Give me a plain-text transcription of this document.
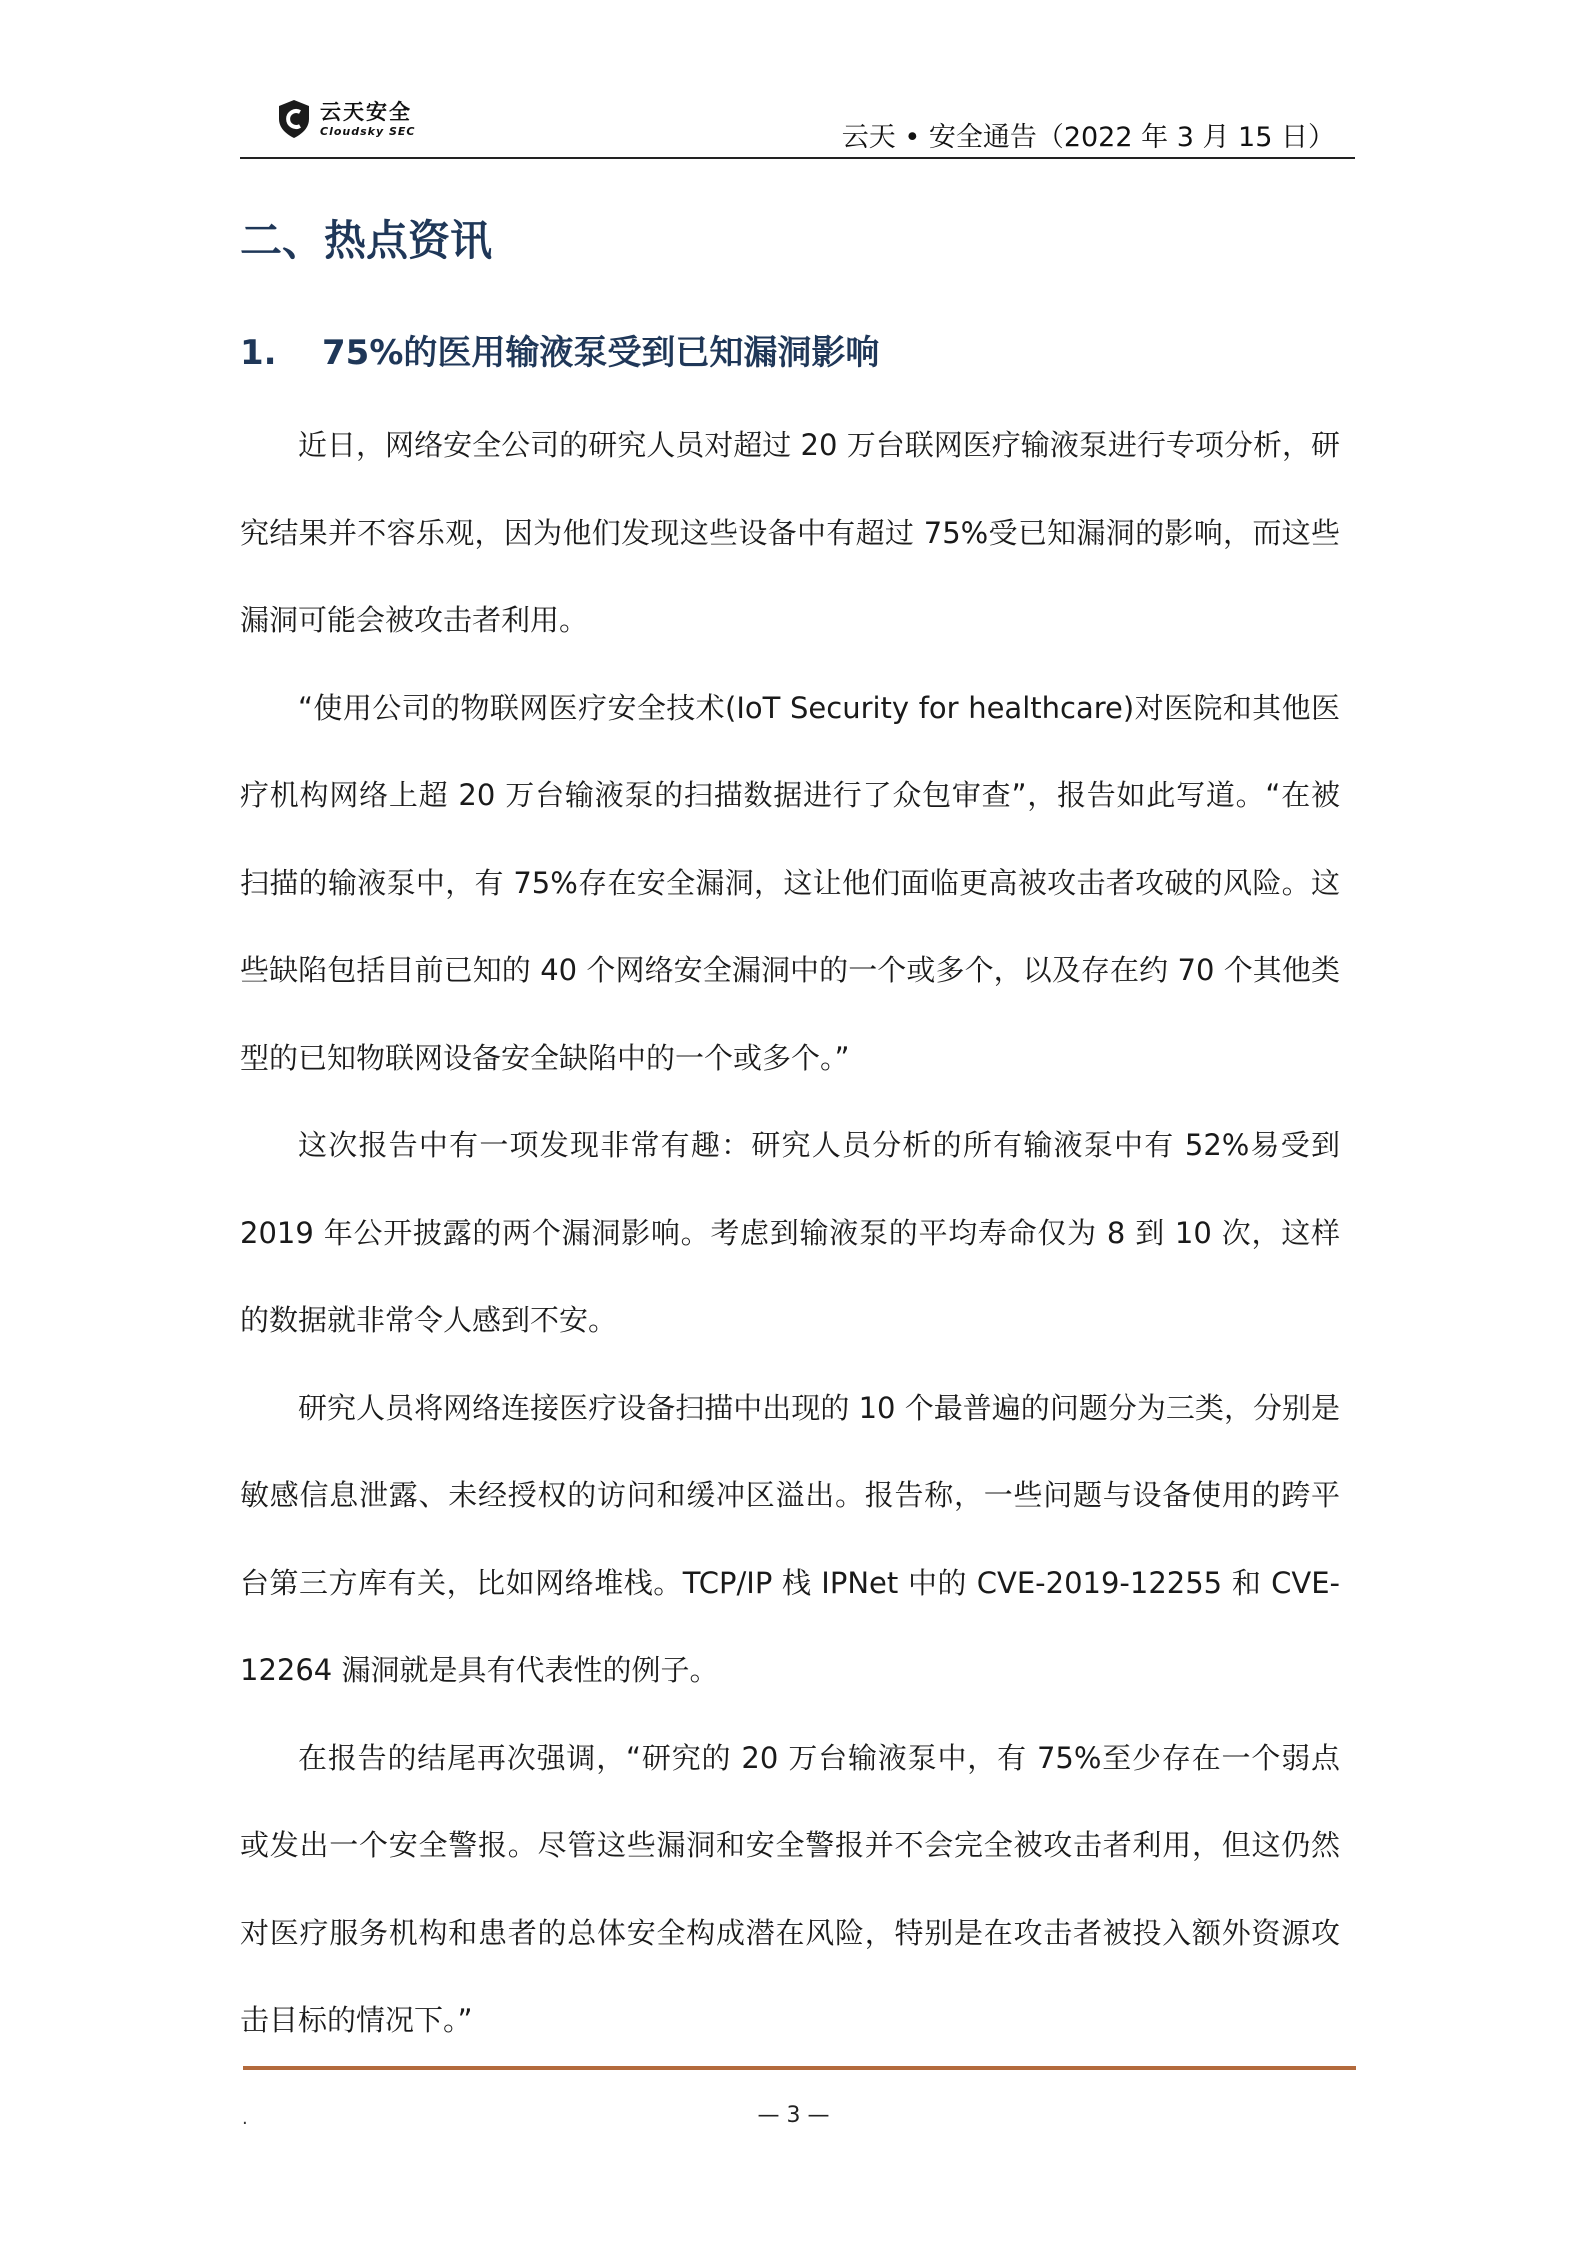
云天安全
Cloudsky SEC	云天 • 安全通告（2022 年 3 月 15 日）
二、热点资讯
1. 75%的医用输液泵受到已知漏洞影响

近日，网络安全公司的研究人员对超过 20 万台联网医疗输液泵进行专项分析，研究结果并不容乐观，因为他们发现这些设备中有超过 75%受已知漏洞的影响，而这些漏洞可能会被攻击者利用。

“使用公司的物联网医疗安全技术(IoT Security for healthcare)对医院和其他医疗机构网络上超 20 万台输液泵的扫描数据进行了众包审查”，报告如此写道。“在被扫描的输液泵中，有 75%存在安全漏洞，这让他们面临更高被攻击者攻破的风险。这些缺陷包括目前已知的 40 个网络安全漏洞中的一个或多个，以及存在约 70 个其他类型的已知物联网设备安全缺陷中的一个或多个。”

这次报告中有一项发现非常有趣：研究人员分析的所有输液泵中有 52%易受到 2019 年公开披露的两个漏洞影响。考虑到输液泵的平均寿命仅为 8 到 10 次，这样的数据就非常令人感到不安。

研究人员将网络连接医疗设备扫描中出现的 10 个最普遍的问题分为三类，分别是敏感信息泄露、未经授权的访问和缓冲区溢出。报告称，一些问题与设备使用的跨平台第三方库有关，比如网络堆栈。TCP/IP 栈 IPNet 中的 CVE-2019-12255 和 CVE- 12264 漏洞就是具有代表性的例子。

在报告的结尾再次强调，“研究的 20 万台输液泵中，有 75%至少存在一个弱点或发出一个安全警报。尽管这些漏洞和安全警报并不会完全被攻击者利用，但这仍然对医疗服务机构和患者的总体安全构成潜在风险，特别是在攻击者被投入额外资源攻击目标的情况下。”

.	— 3 —
